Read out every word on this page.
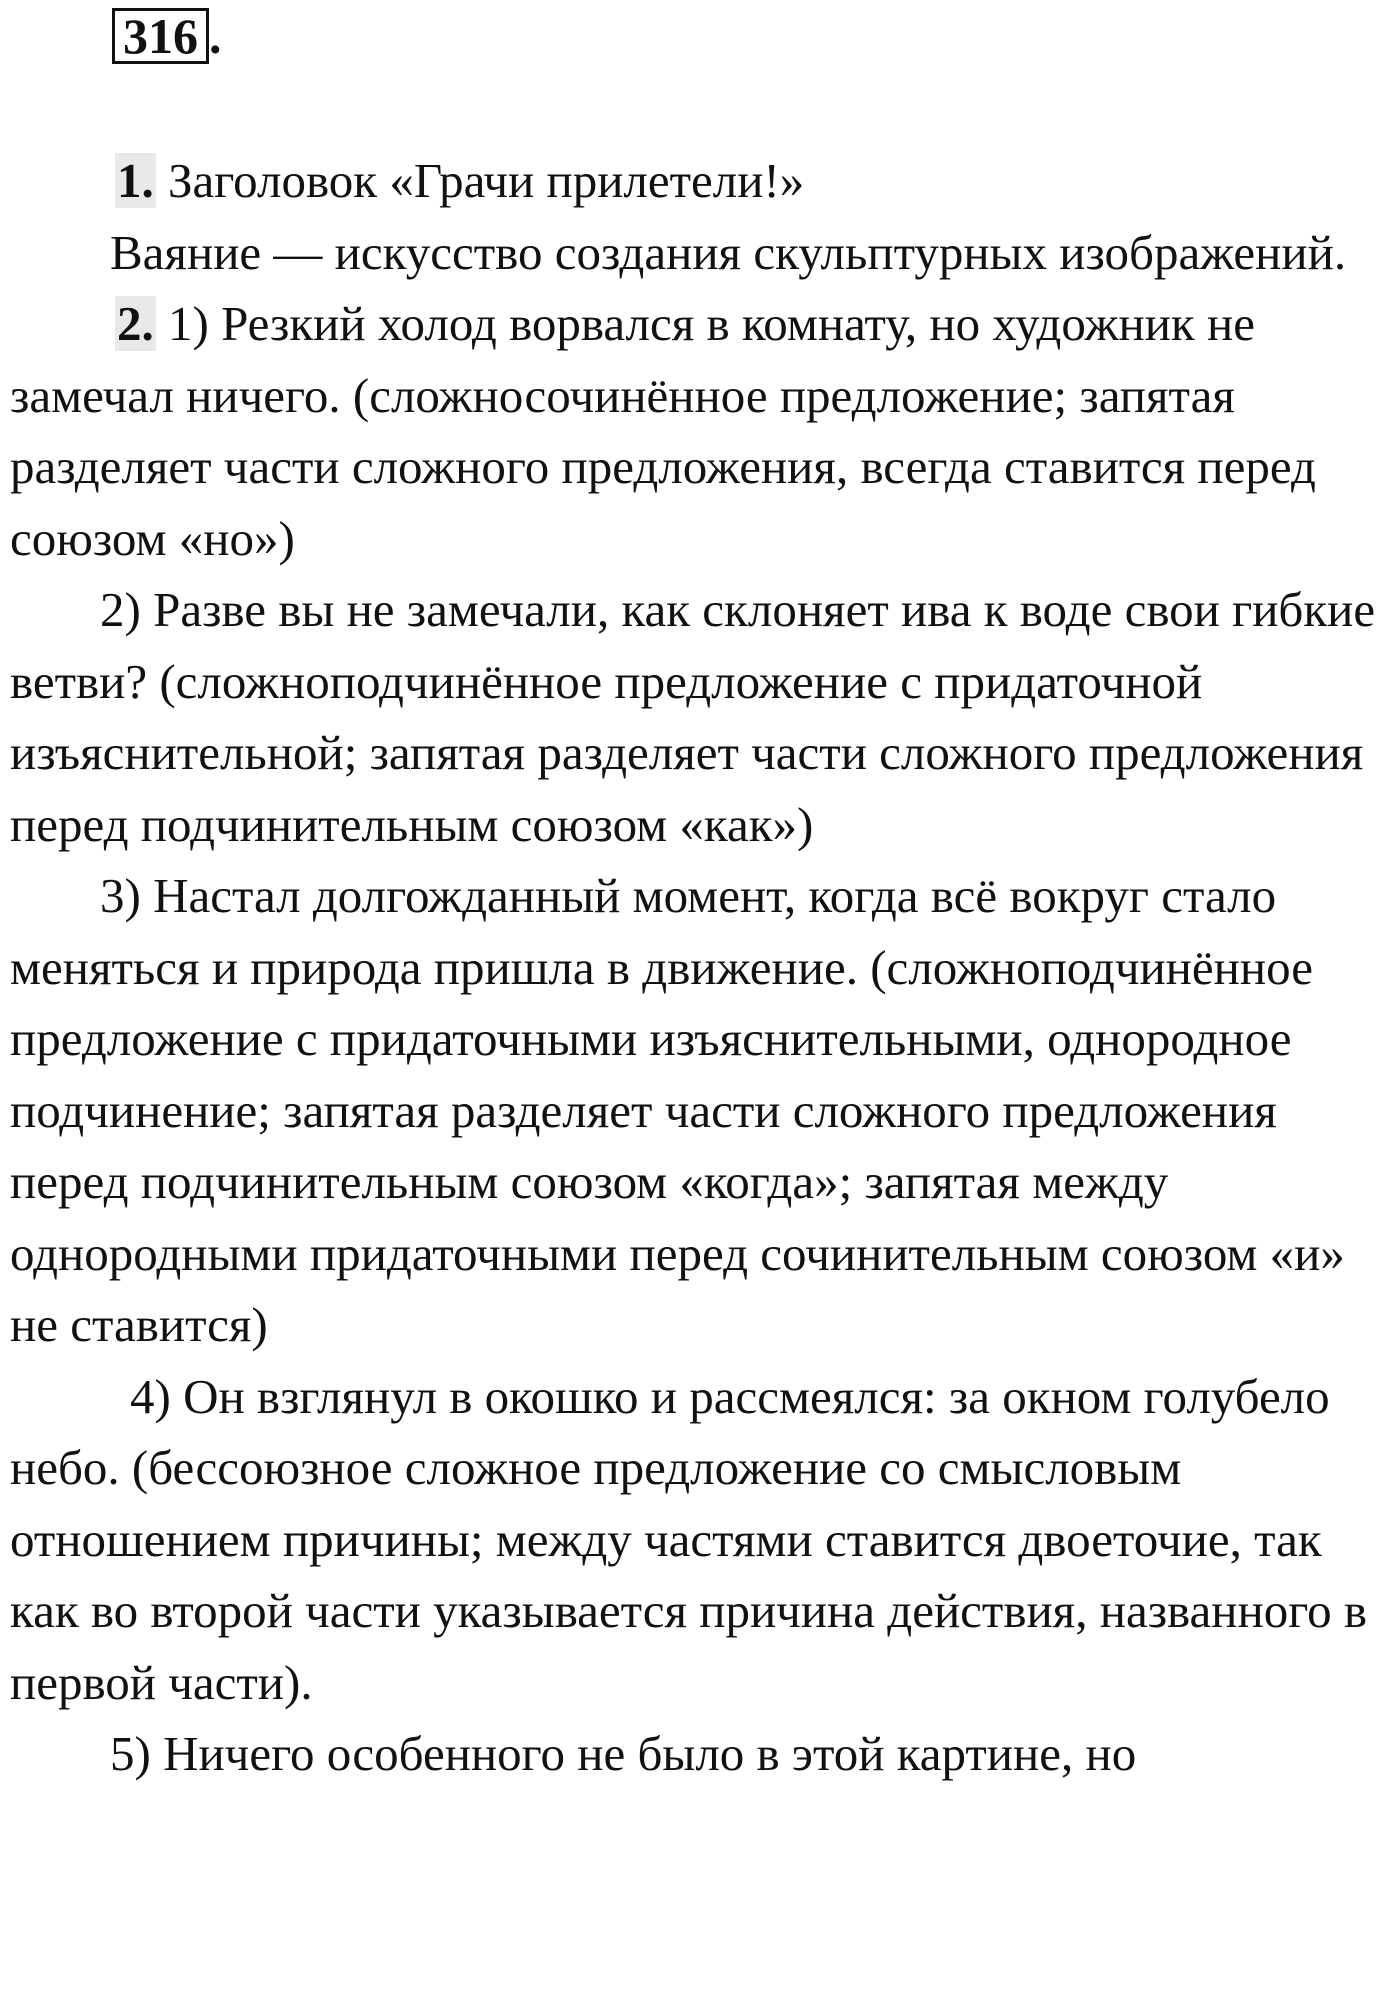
316 .

1. Заголовок «Грачи прилетели!»

Ваяние — искусство создания скульптурных изображений.

2. 1) Резкий холод ворвался в комнату, но художник не замечал ничего. (сложносочинённое предложение; запятая разделяет части сложного предложения, всегда ставится перед союзом «но»)

2) Разве вы не замечали, как склоняет ива к воде свои гибкие ветви? (сложноподчинённое предложение с придаточной изъяснительной; запятая разделяет части сложного предложения перед подчинительным союзом «как»)

3) Настал долгожданный момент, когда всё вокруг стало меняться и природа пришла в движение. (сложноподчинённое предложение с придаточными изъяснительными, однородное подчинение; запятая разделяет части сложного предложения перед подчинительным союзом «когда»; запятая между однородными придаточными перед сочинительным союзом «и» не ставится)

4) Он взглянул в окошко и рассмеялся: за окном голубело небо. (бессоюзное сложное предложение со смысловым отношением причины; между частями ставится двоеточие, так как во второй части указывается причина действия, названного в первой части).

5) Ничего особенного не было в этой картине, но
